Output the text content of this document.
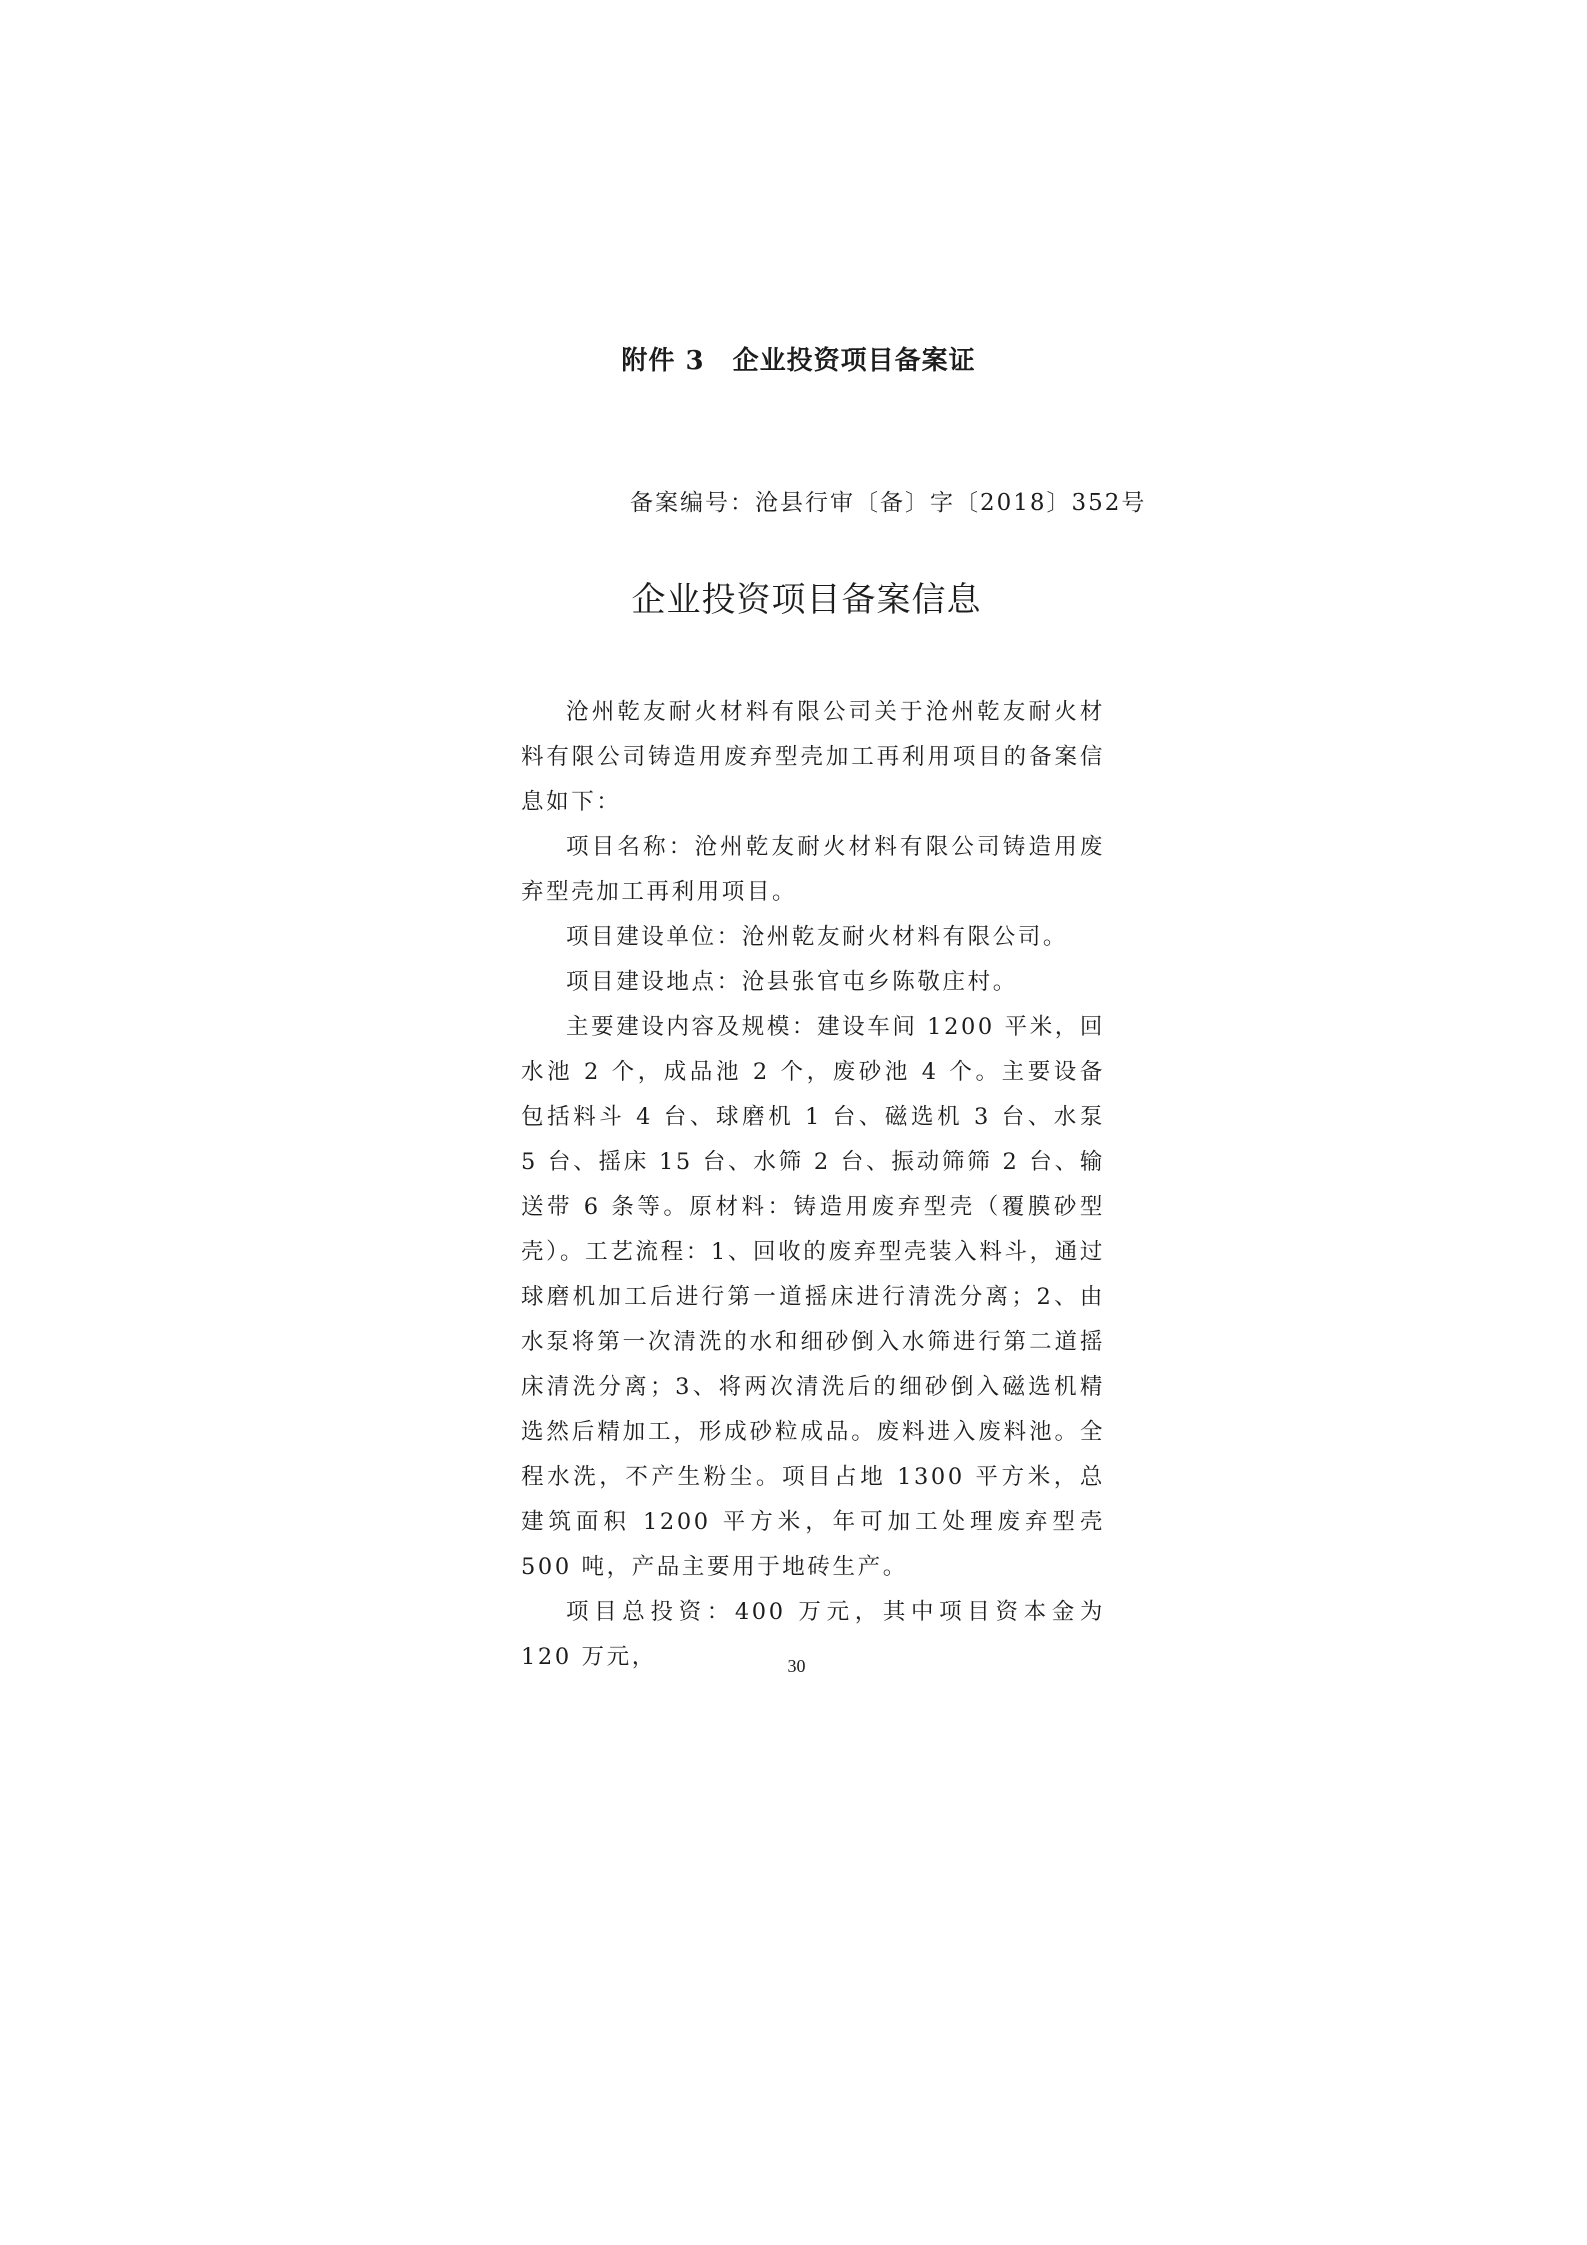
附件 3 企业投资项目备案证
备案编号：沧县行审〔备〕字〔2018〕352号
企业投资项目备案信息

沧州乾友耐火材料有限公司关于沧州乾友耐火材料有限公司铸造用废弃型壳加工再利用项目的备案信息如下：

项目名称：沧州乾友耐火材料有限公司铸造用废弃型壳加工再利用项目。

项目建设单位：沧州乾友耐火材料有限公司。

项目建设地点：沧县张官屯乡陈敬庄村。

主要建设内容及规模：建设车间 1200 平米，回水池 2 个，成品池 2 个，废砂池 4 个。主要设备包括料斗 4 台、球磨机 1 台、磁选机 3 台、水泵 5 台、摇床 15 台、水筛 2 台、振动筛筛 2 台、输送带 6 条等。原材料：铸造用废弃型壳（覆膜砂型壳）。工艺流程：1、回收的废弃型壳装入料斗，通过球磨机加工后进行第一道摇床进行清洗分离；2、由水泵将第一次清洗的水和细砂倒入水筛进行第二道摇床清洗分离；3、将两次清洗后的细砂倒入磁选机精选然后精加工，形成砂粒成品。废料进入废料池。全程水洗，不产生粉尘。项目占地 1300 平方米，总建筑面积 1200 平方米，年可加工处理废弃型壳 500 吨，产品主要用于地砖生产。

项目总投资：400 万元，其中项目资本金为 120 万元，	30
